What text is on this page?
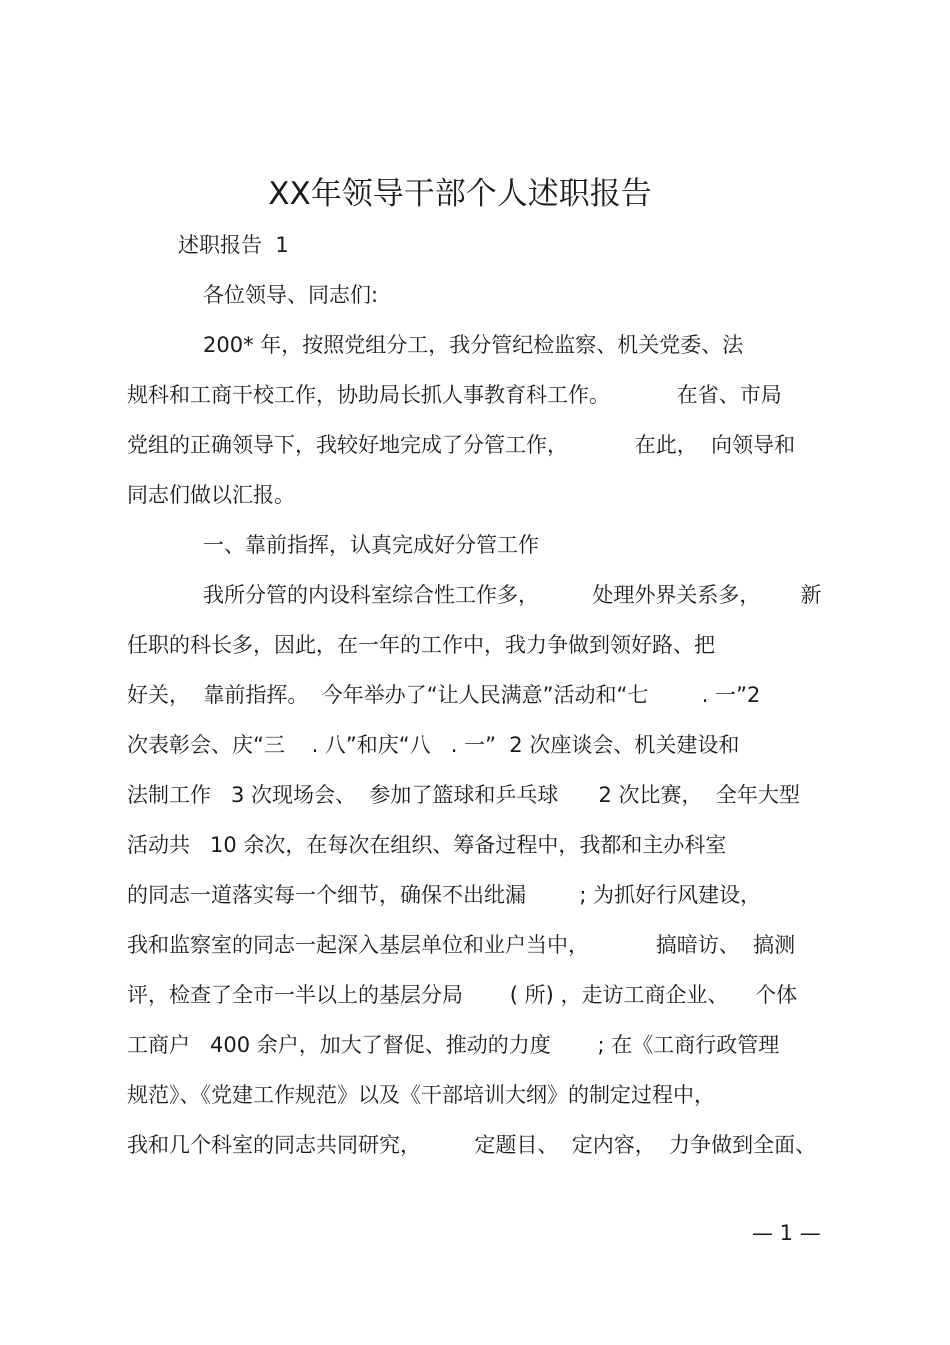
XX年领导干部个人述职报告
述职报告  1
各位领导、同志们:
200* 年，按照党组分工，我分管纪检监察、机关党委、法
规科和工商干校工作，协助局长抓人事教育科工作。          在省、市局
党组的正确领导下，我较好地完成了分管工作，          在此，  向领导和
同志们做以汇报。
一、靠前指挥，认真完成好分管工作
我所分管的内设科室综合性工作多，        处理外界关系多，      新
任职的科长多，因此，在一年的工作中，我力争做到领好路、把
好关，  靠前指挥。  今年举办了“让人民满意”活动和“七        . 一”2
次表彰会、庆“三    . 八”和庆“八   . 一”  2 次座谈会、机关建设和
法制工作   3 次现场会、  参加了篮球和乒乓球      2 次比赛，  全年大型
活动共   10 余次，在每次在组织、筹备过程中，我都和主办科室
的同志一道落实每一个细节，确保不出纰漏        ; 为抓好行风建设，
我和监察室的同志一起深入基层单位和业户当中，          搞暗访、  搞测
评，检查了全市一半以上的基层分局       ( 所) ，走访工商企业、    个体
工商户   400 余户，加大了督促、推动的力度       ; 在《工商行政管理
规范》、《党建工作规范》以及《干部培训大纲》的制定过程中，
我和几个科室的同志共同研究，        定题目、  定内容，  力争做到全面、
— 1 —
